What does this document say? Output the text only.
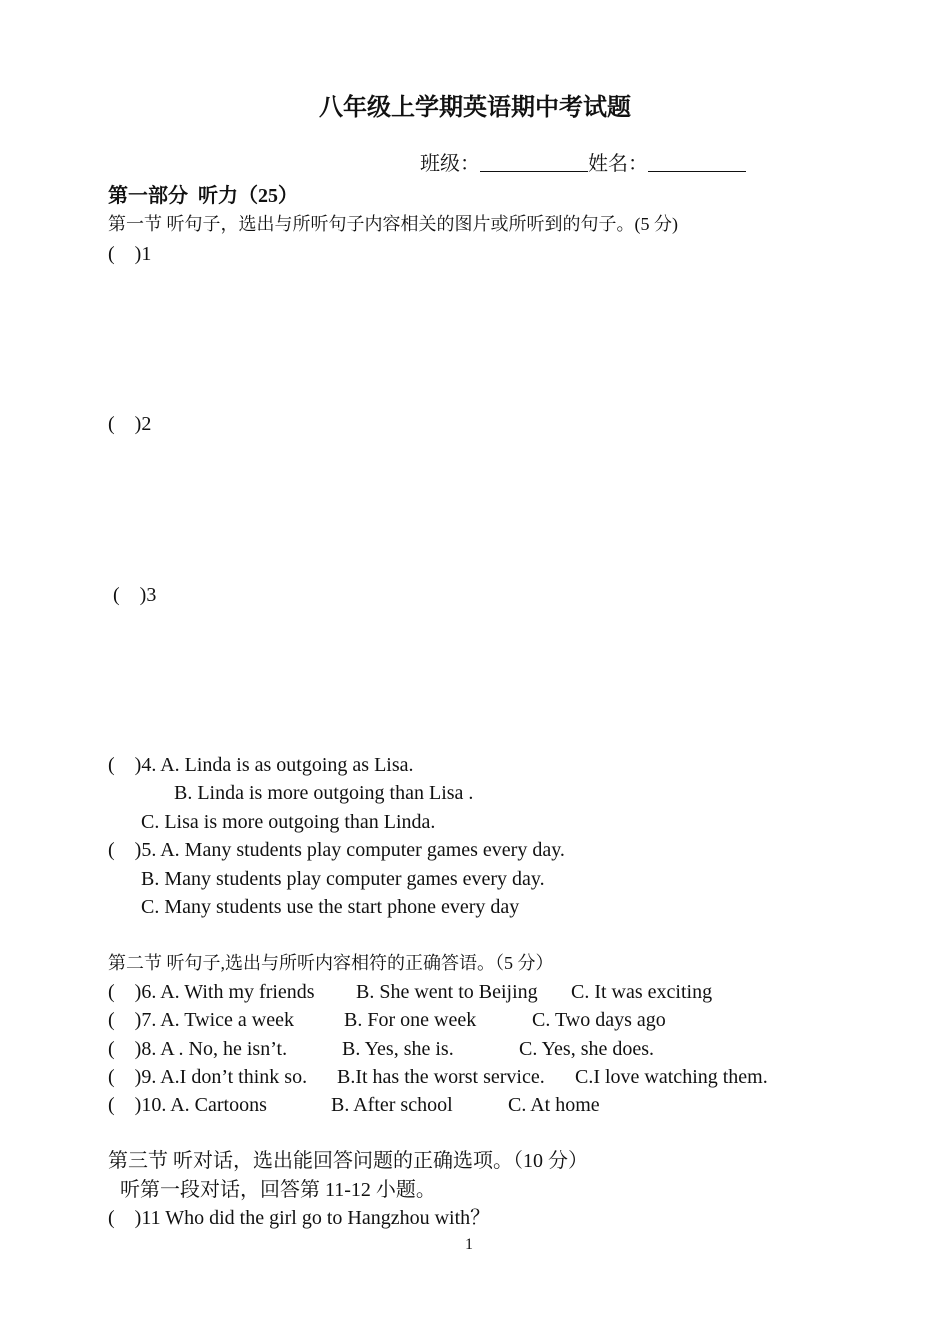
八年级上学期英语期中考试题

班级：	姓名：

第一部分  听力（25）
第一节 听句子，选出与所听句子内容相关的图片或所听到的句子。(5 分)
(    )1
(    )2
(    )3
(    )4. A. Linda is as outgoing as Lisa.
B. Linda is more outgoing than Lisa .
C. Lisa is more outgoing than Linda.
(    )5. A. Many students play computer games every day.
B. Many students play computer games every day.
C. Many students use the start phone every day
第二节 听句子,选出与所听内容相符的正确答语。（5 分）
(    )6. A. With my friends B. She went to Beijing C. It was exciting
(    )7. A. Twice a week	B. For one week	C. Two days ago
(    )8. A . No, he isn’t.	B. Yes, she is.	C. Yes, she does.
(    )9. A.I don’t think so. B.It has the worst service. C.I love watching them.
(    )10. A. Cartoons	B. After school	C. At home
第三节 听对话，选出能回答问题的正确选项。（10 分）
听第一段对话，回答第 11-12 小题。
(    )11 Who did the girl go to Hangzhou with？
1
